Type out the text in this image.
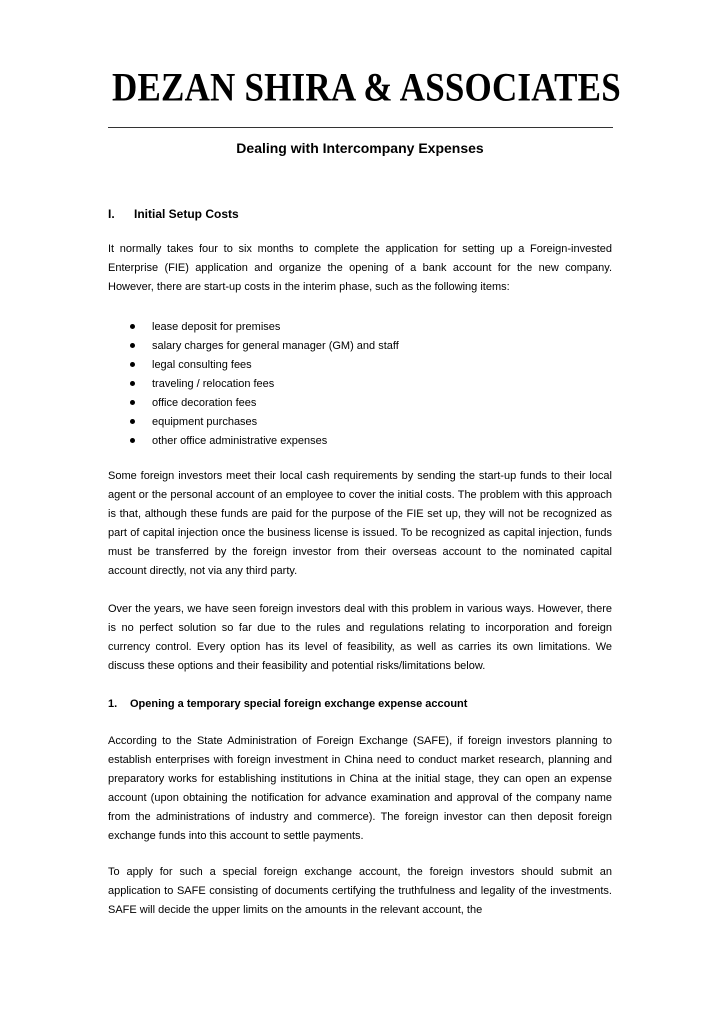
DEZAN SHIRA & ASSOCIATES
Dealing with Intercompany Expenses
I. Initial Setup Costs

It normally takes four to six months to complete the application for setting up a Foreign-invested Enterprise (FIE) application and organize the opening of a bank account for the new company. However, there are start-up costs in the interim phase, such as the following items:

lease deposit for premises
salary charges for general manager (GM) and staff
legal consulting fees
traveling / relocation fees
office decoration fees
equipment purchases
other office administrative expenses

Some foreign investors meet their local cash requirements by sending the start-up funds to their local agent or the personal account of an employee to cover the initial costs. The problem with this approach is that, although these funds are paid for the purpose of the FIE set up, they will not be recognized as part of capital injection once the business license is issued. To be recognized as capital injection, funds must be transferred by the foreign investor from their overseas account to the nominated capital account directly, not via any third party.

Over the years, we have seen foreign investors deal with this problem in various ways. However, there is no perfect solution so far due to the rules and regulations relating to incorporation and foreign currency control. Every option has its level of feasibility, as well as carries its own limitations. We discuss these options and their feasibility and potential risks/limitations below.

1. Opening a temporary special foreign exchange expense account

According to the State Administration of Foreign Exchange (SAFE), if foreign investors planning to establish enterprises with foreign investment in China need to conduct market research, planning and preparatory works for establishing institutions in China at the initial stage, they can open an expense account (upon obtaining the notification for advance examination and approval of the company name from the administrations of industry and commerce). The foreign investor can then deposit foreign exchange funds into this account to settle payments.

To apply for such a special foreign exchange account, the foreign investors should submit an application to SAFE consisting of documents certifying the truthfulness and legality of the investments. SAFE will decide the upper limits on the amounts in the relevant account, the
